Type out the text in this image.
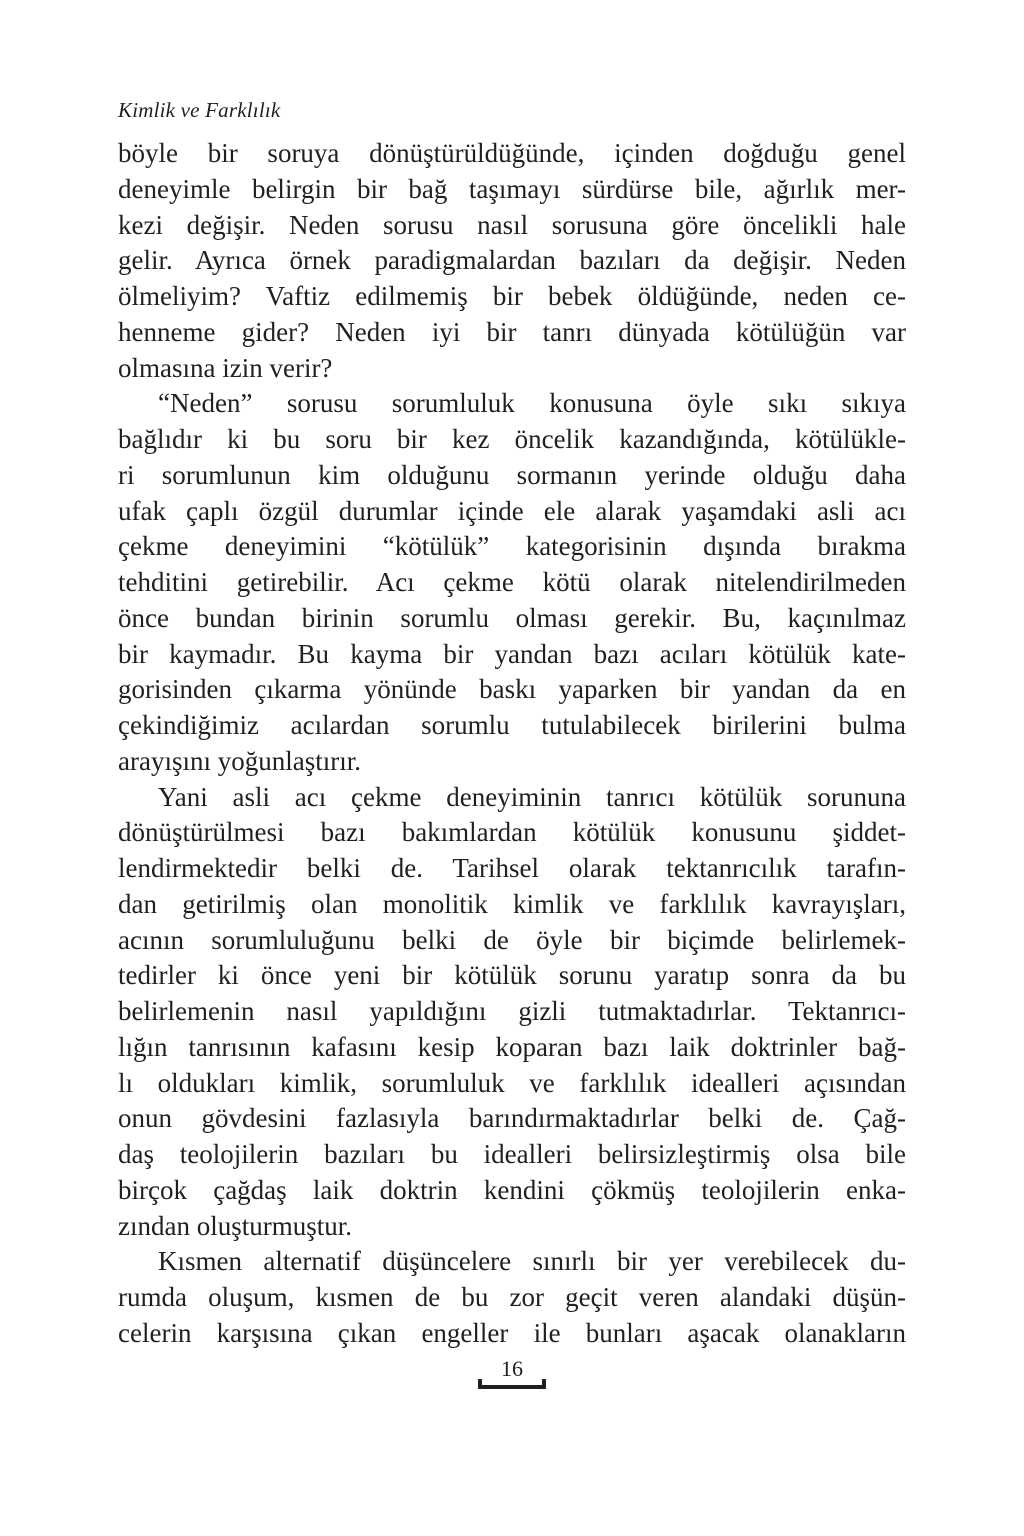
Kimlik ve Farklılık
böyle bir soruya dönüştürüldüğünde, içinden doğduğu genel
deneyimle belirgin bir bağ taşımayı sürdürse bile, ağırlık mer-
kezi değişir. Neden sorusu nasıl sorusuna göre öncelikli hale
gelir. Ayrıca örnek paradigmalardan bazıları da değişir. Neden
ölmeliyim? Vaftiz edilmemiş bir bebek öldüğünde, neden ce-
henneme gider? Neden iyi bir tanrı dünyada kötülüğün var
olmasına izin verir?
“Neden” sorusu sorumluluk konusuna öyle sıkı sıkıya
bağlıdır ki bu soru bir kez öncelik kazandığında, kötülükle-
ri sorumlunun kim olduğunu sormanın yerinde olduğu daha
ufak çaplı özgül durumlar içinde ele alarak yaşamdaki asli acı
çekme deneyimini “kötülük” kategorisinin dışında bırakma
tehditini getirebilir. Acı çekme kötü olarak nitelendirilmeden
önce bundan birinin sorumlu olması gerekir. Bu, kaçınılmaz
bir kaymadır. Bu kayma bir yandan bazı acıları kötülük kate-
gorisinden çıkarma yönünde baskı yaparken bir yandan da en
çekindiğimiz acılardan sorumlu tutulabilecek birilerini bulma
arayışını yoğunlaştırır.
Yani asli acı çekme deneyiminin tanrıcı kötülük sorununa
dönüştürülmesi bazı bakımlardan kötülük konusunu şiddet-
lendirmektedir belki de. Tarihsel olarak tektanrıcılık tarafın-
dan getirilmiş olan monolitik kimlik ve farklılık kavrayışları,
acının sorumluluğunu belki de öyle bir biçimde belirlemek-
tedirler ki önce yeni bir kötülük sorunu yaratıp sonra da bu
belirlemenin nasıl yapıldığını gizli tutmaktadırlar. Tektanrıcı-
lığın tanrısının kafasını kesip koparan bazı laik doktrinler bağ-
lı oldukları kimlik, sorumluluk ve farklılık idealleri açısından
onun gövdesini fazlasıyla barındırmaktadırlar belki de. Çağ-
daş teolojilerin bazıları bu idealleri belirsizleştirmiş olsa bile
birçok çağdaş laik doktrin kendini çökmüş teolojilerin enka-
zından oluşturmuştur.
Kısmen alternatif düşüncelere sınırlı bir yer verebilecek du-
rumda oluşum, kısmen de bu zor geçit veren alandaki düşün-
celerin karşısına çıkan engeller ile bunları aşacak olanakların
16
